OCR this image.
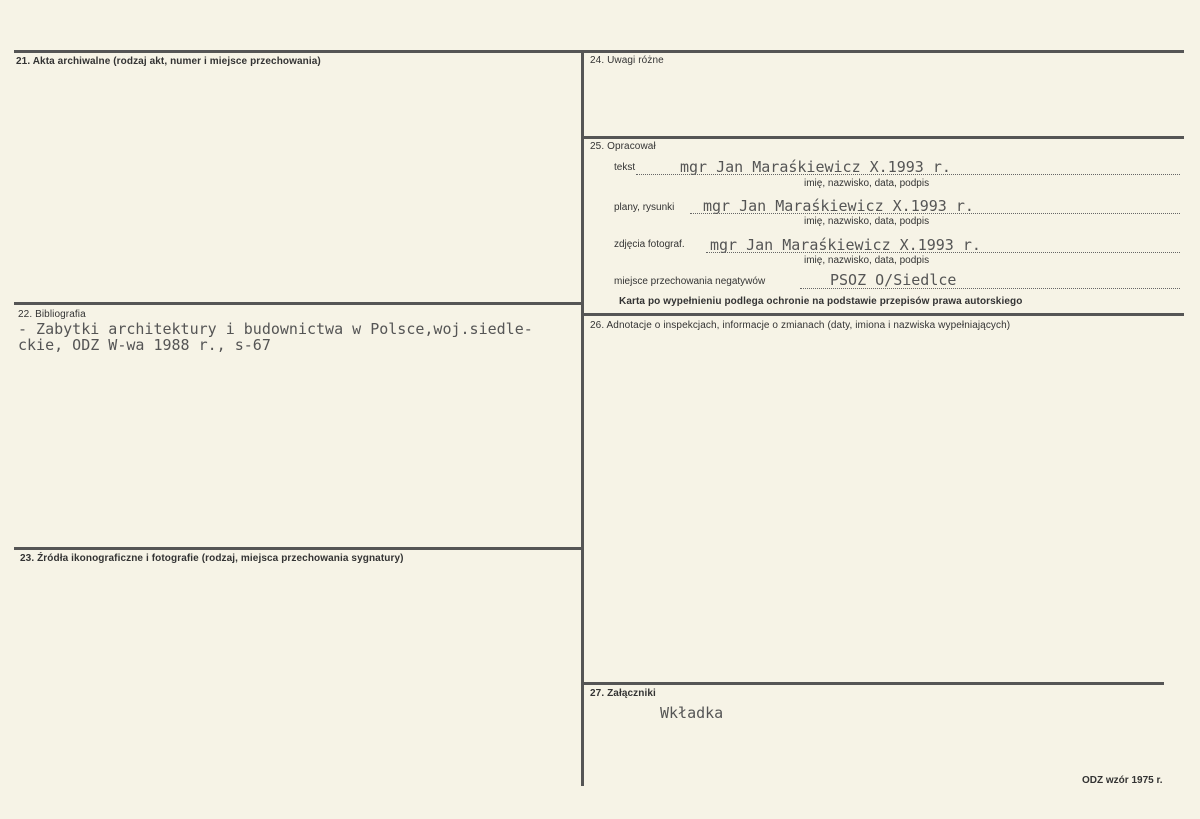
21. Akta archiwalne (rodzaj akt, numer i miejsce przechowania)
22. Bibliografia
- Zabytki architektury i budownictwa w Polsce,woj.siedle-
ckie, ODZ W-wa 1988 r., s-67
23. Źródła ikonograficzne i fotografie (rodzaj, miejsca przechowania sygnatury)
24. Uwagi różne
25. Opracował
tekst	mgr Jan Maraśkiewicz X.1993 r.
imię, nazwisko, data, podpis
plany, rysunki mgr Jan Maraśkiewicz X.1993 r.
imię, nazwisko, data, podpis
zdjęcia fotograf. mgr Jan Maraśkiewicz X.1993 r.
imię, nazwisko, data, podpis
miejsce przechowania negatywów	PSOZ O/Siedlce
Karta po wypełnieniu podlega ochronie na podstawie przepisów prawa autorskiego
26. Adnotacje o inspekcjach, informacje o zmianach (daty, imiona i nazwiska wypełniających)
27. Załączniki
Wkładka
ODZ wzór 1975 r.
